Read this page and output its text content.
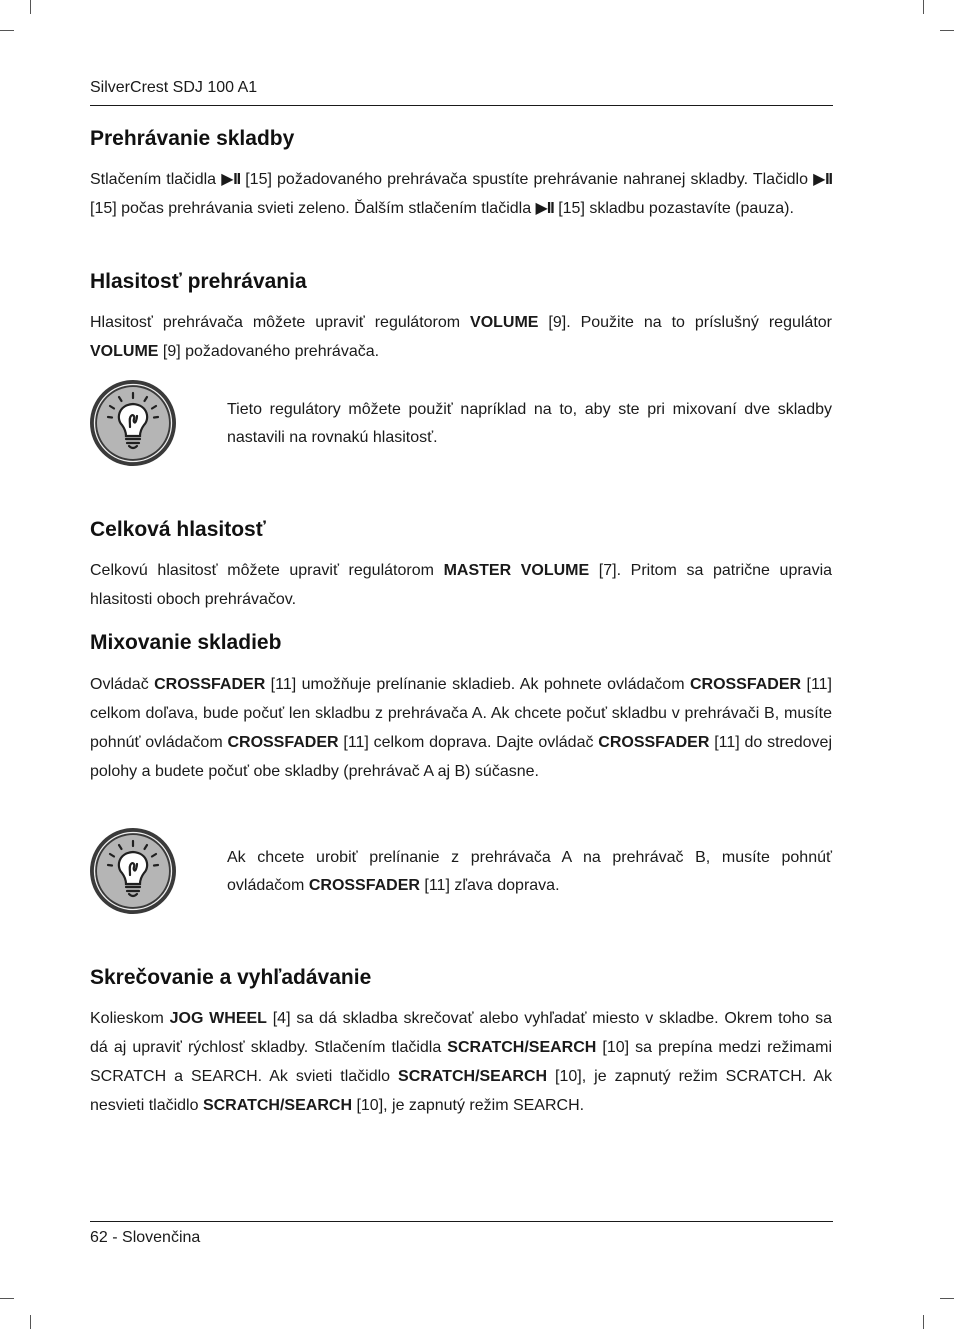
SilverCrest SDJ 100 A1
Prehrávanie skladby

Stlačením tlačidla ▶II [15] požadovaného prehrávača spustíte prehrávanie nahranej skladby. Tlačidlo ▶II [15] počas prehrávania svieti zeleno. Ďalším stlačením tlačidla ▶II [15] skladbu pozastavíte (pauza).

Hlasitosť prehrávania

Hlasitosť prehrávača môžete upraviť regulátorom VOLUME [9]. Použite na to príslušný regulátor VOLUME [9] požadovaného prehrávača.

Tieto regulátory môžete použiť napríklad na to, aby ste pri mixovaní dve skladby nastavili na rovnakú hlasitosť.

Celková hlasitosť

Celkovú hlasitosť môžete upraviť regulátorom MASTER VOLUME [7]. Pritom sa patrične upravia hlasitosti oboch prehrávačov.

Mixovanie skladieb

Ovládač CROSSFADER [11] umožňuje prelínanie skladieb. Ak pohnete ovládačom CROSSFADER [11] celkom doľava, bude počuť len skladbu z prehrávača A. Ak chcete počuť skladbu v prehrávači B, musíte pohnúť ovládačom CROSSFADER [11] celkom doprava. Dajte ovládač CROSSFADER [11] do stredovej polohy a budete počuť obe skladby (prehrávač A aj B) súčasne.

Ak chcete urobiť prelínanie z prehrávača A na prehrávač B, musíte pohnúť ovládačom CROSSFADER [11] zľava doprava.

Skrečovanie a vyhľadávanie

Kolieskom JOG WHEEL [4] sa dá skladba skrečovať alebo vyhľadať miesto v skladbe. Okrem toho sa dá aj upraviť rýchlosť skladby. Stlačením tlačidla SCRATCH/SEARCH [10] sa prepína medzi režimami SCRATCH a SEARCH. Ak svieti tlačidlo SCRATCH/SEARCH [10], je zapnutý režim SCRATCH. Ak nesvieti tlačidlo SCRATCH/SEARCH [10], je zapnutý režim SEARCH.

62 - Slovenčina
